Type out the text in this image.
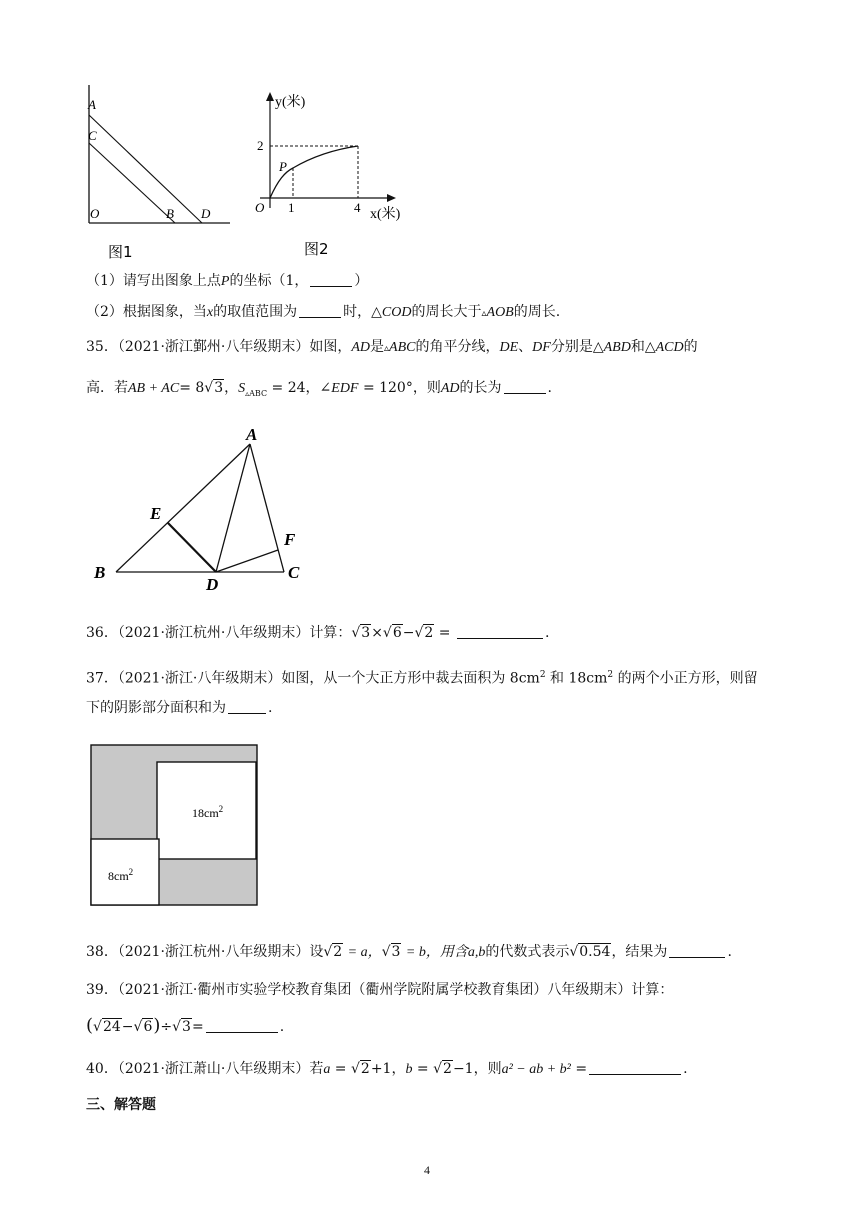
A
C
O	B D
图1
y(米)
x(米)
2
1	4
O
P
图2
（1）请写出图象上点P的坐标（1，	）
（2）根据图象，当x的取值范围为	时，△COD的周长大于▵AOB的周长.
35．（2021·浙江鄞州·八年级期末）如图，AD是▵ABC的角平分线，DE、DF分别是△ABD和△ACD的
高．若AB + AC= 8√3，$S_{▵ABC} = 24$，∠EDF = 120°，则AD的长为	.
A
E
F
B
D
C
36．（2021·浙江杭州·八年级期末）计算：√3×√6−√2 =	.
37．（2021·浙江·八年级期末）如图，从一个大正方形中裁去面积为 $8cm^2$ 和 $18cm^2$ 的两个小正方形，则留
下的阴影部分面积和为	.
$18cm^2$
$8cm^2$
38．（2021·浙江杭州·八年级期末）设√2 = a，√3 = b，用含a,b的代数式表示√0.54，结果为	.
39．（2021·浙江·衢州市实验学校教育集团（衢州学院附属学校教育集团）八年级期末）计算：
(√24−√6)÷√3=	.
40．（2021·浙江萧山·八年级期末）若a = √2+1，b = √2−1，则a² − ab + b² =	.
三、解答题
4
